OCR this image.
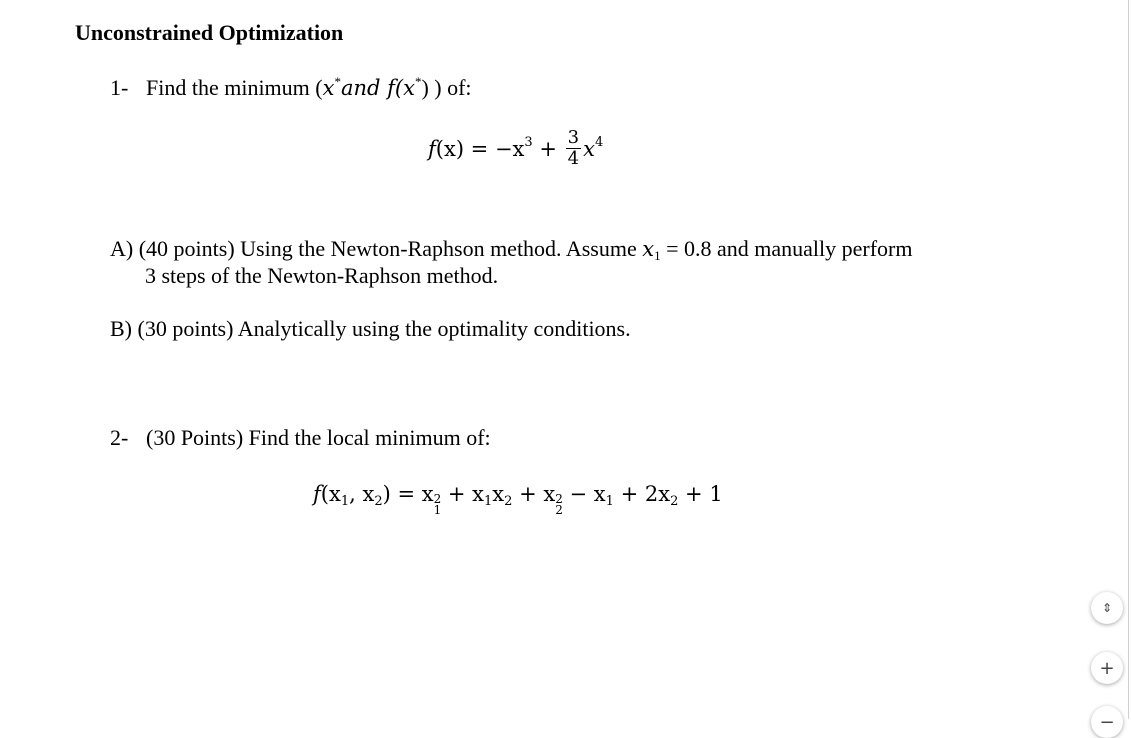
Unconstrained Optimization
1- Find the minimum (x*and f(x*) ) of:
$f(x) = -x^3 + \frac{3}{4} x^4$
A) (40 points) Using the Newton-Raphson method. Assume $x_1 = 0.8$ and manually perform
3 steps of the Newton-Raphson method.
B) (30 points) Analytically using the optimality conditions.
2- (30 Points) Find the local minimum of:
$f(x_1$, $x_2) = x$ 2
1
+ $x_1x_2 + x$ 2
2
− $x_1 + 2x_2 + 1$
⇕
+
−
